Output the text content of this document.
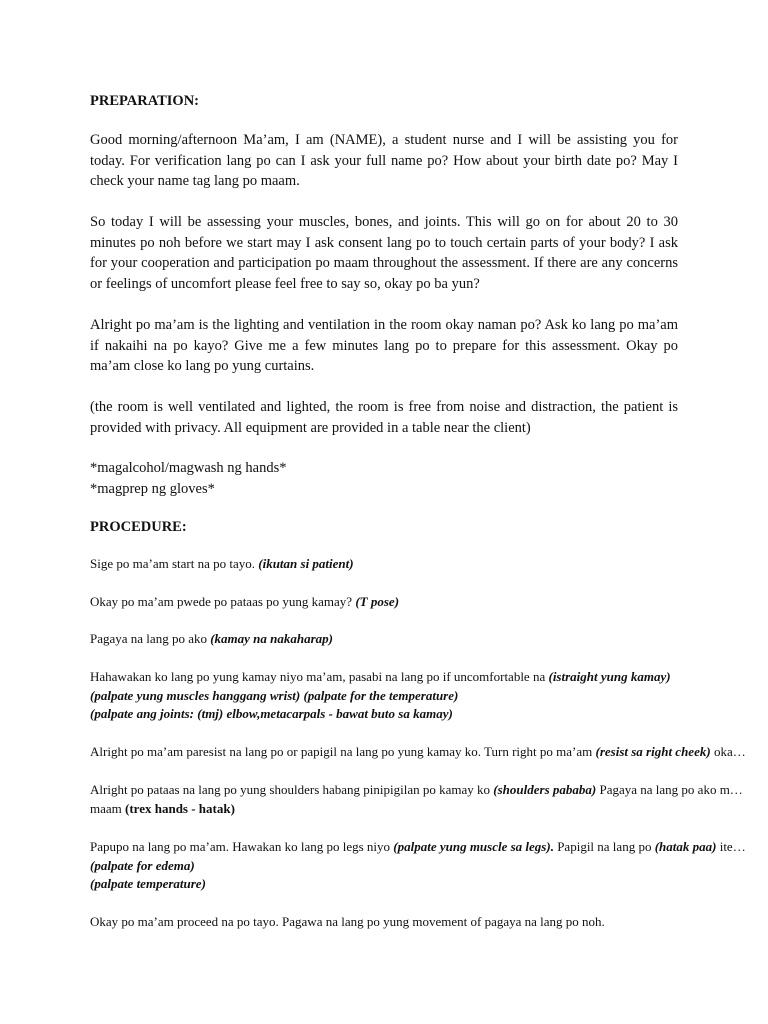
PREPARATION:

Good morning/afternoon Ma’am, I am (NAME), a student nurse and I will be assisting you for today. For verification lang po can I ask your full name po? How about your birth date po? May I check your name tag lang po maam.

So today I will be assessing your muscles, bones, and joints. This will go on for about 20 to 30 minutes po noh before we start may I ask consent lang po to touch certain parts of your body? I ask for your cooperation and participation po maam throughout the assessment. If there are any concerns or feelings of uncomfort please feel free to say so, okay po ba yun?

Alright po ma’am is the lighting and ventilation in the room okay naman po? Ask ko lang po ma’am if nakaihi na po kayo? Give me a few minutes lang po to prepare for this assessment. Okay po ma’am close ko lang po yung curtains.

(the room is well ventilated and lighted, the room is free from noise and distraction, the patient is provided with privacy. All equipment are provided in a table near the client)

*magalcohol/magwash ng hands*
*magprep ng gloves*
PROCEDURE:
Sige po ma’am start na po tayo. (ikutan si patient)
Okay po ma’am pwede po pataas po yung kamay? (T pose)
Pagaya na lang po ako (kamay na nakaharap)
Hahawakan ko lang po yung kamay niyo ma’am, pasabi na lang po if uncomfortable na (istraight yung kamay)
(palpate yung muscles hanggang wrist) (palpate for the temperature)
(palpate ang joints: (tmj) elbow,metacarpals - bawat buto sa kamay)
Alright po ma’am paresist na lang po or papigil na lang po yung kamay ko. Turn right po ma’am (resist sa right cheek) oka…
Alright po pataas na lang po yung shoulders habang pinipigilan po kamay ko (shoulders pababa) Pagaya na lang po ako m…
maam (trex hands - hatak)
Papupo na lang po ma’am. Hawakan ko lang po legs niyo (palpate yung muscle sa legs). Papigil na lang po (hatak paa) ite…
(palpate for edema)
(palpate temperature)
Okay po ma’am proceed na po tayo. Pagawa na lang po yung movement of pagaya na lang po noh.
